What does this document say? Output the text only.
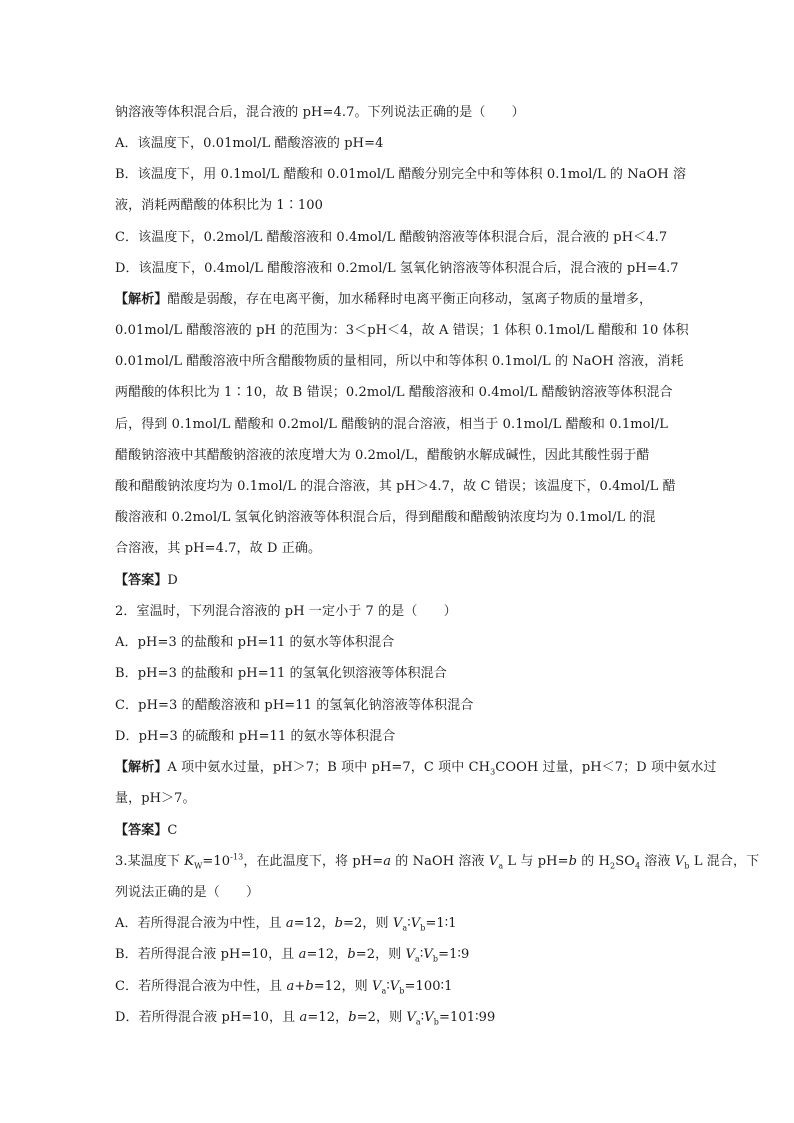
钠溶液等体积混合后，混合液的 pH=4.7。下列说法正确的是（　　）
A．该温度下，0.01mol/L 醋酸溶液的 pH=4
B．该温度下，用 0.1mol/L 醋酸和 0.01mol/L 醋酸分别完全中和等体积 0.1mol/L 的 NaOH 溶
液，消耗两醋酸的体积比为 1∶100
C．该温度下，0.2mol/L 醋酸溶液和 0.4mol/L 醋酸钠溶液等体积混合后，混合液的 pH＜4.7
D．该温度下，0.4mol/L 醋酸溶液和 0.2mol/L 氢氧化钠溶液等体积混合后，混合液的 pH=4.7
【解析】醋酸是弱酸，存在电离平衡，加水稀释时电离平衡正向移动，氢离子物质的量增多，
0.01mol/L 醋酸溶液的 pH 的范围为：3＜pH＜4，故 A 错误；1 体积 0.1mol/L 醋酸和 10 体积
0.01mol/L 醋酸溶液中所含醋酸物质的量相同，所以中和等体积 0.1mol/L 的 NaOH 溶液，消耗
两醋酸的体积比为 1∶10，故 B 错误；0.2mol/L 醋酸溶液和 0.4mol/L 醋酸钠溶液等体积混合
后，得到 0.1mol/L 醋酸和 0.2mol/L 醋酸钠的混合溶液，相当于 0.1mol/L 醋酸和 0.1mol/L
醋酸钠溶液中其醋酸钠溶液的浓度增大为 0.2mol/L，醋酸钠水解成碱性，因此其酸性弱于醋
酸和醋酸钠浓度均为 0.1mol/L 的混合溶液，其 pH＞4.7，故 C 错误；该温度下，0.4mol/L 醋
酸溶液和 0.2mol/L 氢氧化钠溶液等体积混合后，得到醋酸和醋酸钠浓度均为 0.1mol/L 的混
合溶液，其 pH=4.7，故 D 正确。
【答案】D
2．室温时，下列混合溶液的 pH 一定小于 7 的是（　　）
A．pH=3 的盐酸和 pH=11 的氨水等体积混合
B．pH=3 的盐酸和 pH=11 的氢氧化钡溶液等体积混合
C．pH=3 的醋酸溶液和 pH=11 的氢氧化钠溶液等体积混合
D．pH=3 的硫酸和 pH=11 的氨水等体积混合
【解析】A 项中氨水过量，pH＞7；B 项中 pH=7，C 项中 $CH_3COOH$ 过量，pH＜7；D 项中氨水过
量，pH＞7。
【答案】C
3.某温度下 $K_W=10^{-13}$，在此温度下，将 pH=a 的 NaOH 溶液 $V_a$ L 与 pH=b 的 $H_2SO_4$ 溶液 $V_b$ L 混合，下
列说法正确的是（　　）
A．若所得混合液为中性，且 a=12，b=2，则 $V_a∶V_b=1∶1$
B．若所得混合液 pH=10，且 a=12，b=2，则 $V_a∶V_b=1∶9$
C．若所得混合液为中性，且 a+b=12，则 $V_a∶V_b=100∶1$
D．若所得混合液 pH=10，且 a=12，b=2，则 $V_a∶V_b=101∶99$
